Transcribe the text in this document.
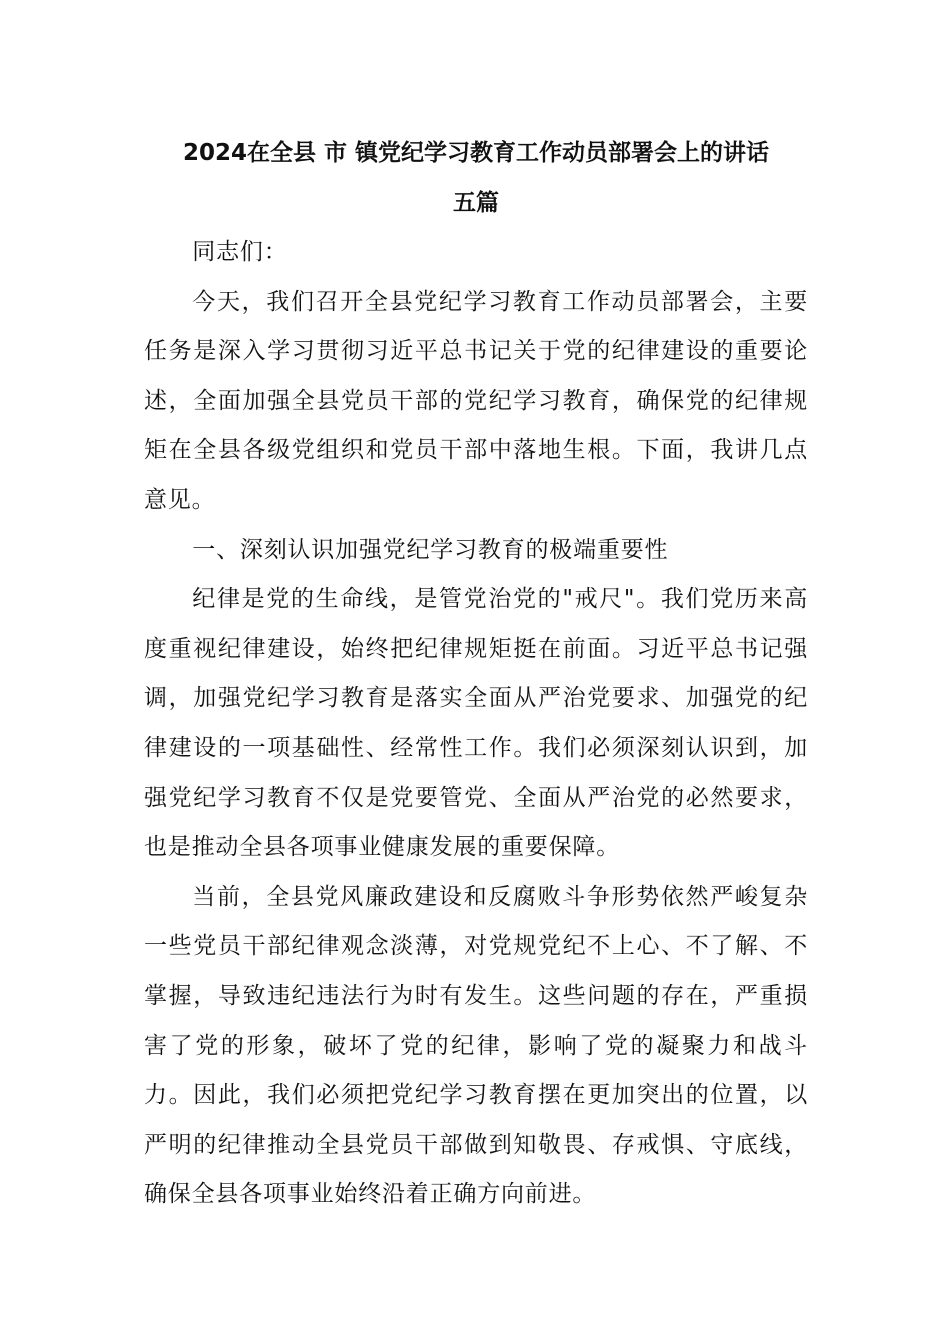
2024在全县 市 镇党纪学习教育工作动员部署会上的讲话
五篇

同志们：

今天，我们召开全县党纪学习教育工作动员部署会，主要任务是深入学习贯彻习近平总书记关于党的纪律建设的重要论述，全面加强全县党员干部的党纪学习教育，确保党的纪律规矩在全县各级党组织和党员干部中落地生根。下面，我讲几点意见。

一、深刻认识加强党纪学习教育的极端重要性

纪律是党的生命线，是管党治党的"戒尺"。我们党历来高度重视纪律建设，始终把纪律规矩挺在前面。习近平总书记强调，加强党纪学习教育是落实全面从严治党要求、加强党的纪律建设的一项基础性、经常性工作。我们必须深刻认识到，加强党纪学习教育不仅是党要管党、全面从严治党的必然要求，也是推动全县各项事业健康发展的重要保障。

当前，全县党风廉政建设和反腐败斗争形势依然严峻复杂一些党员干部纪律观念淡薄，对党规党纪不上心、不了解、不掌握，导致违纪违法行为时有发生。这些问题的存在，严重损害了党的形象，破坏了党的纪律，影响了党的凝聚力和战斗力。因此，我们必须把党纪学习教育摆在更加突出的位置，以严明的纪律推动全县党员干部做到知敬畏、存戒惧、守底线，确保全县各项事业始终沿着正确方向前进。
